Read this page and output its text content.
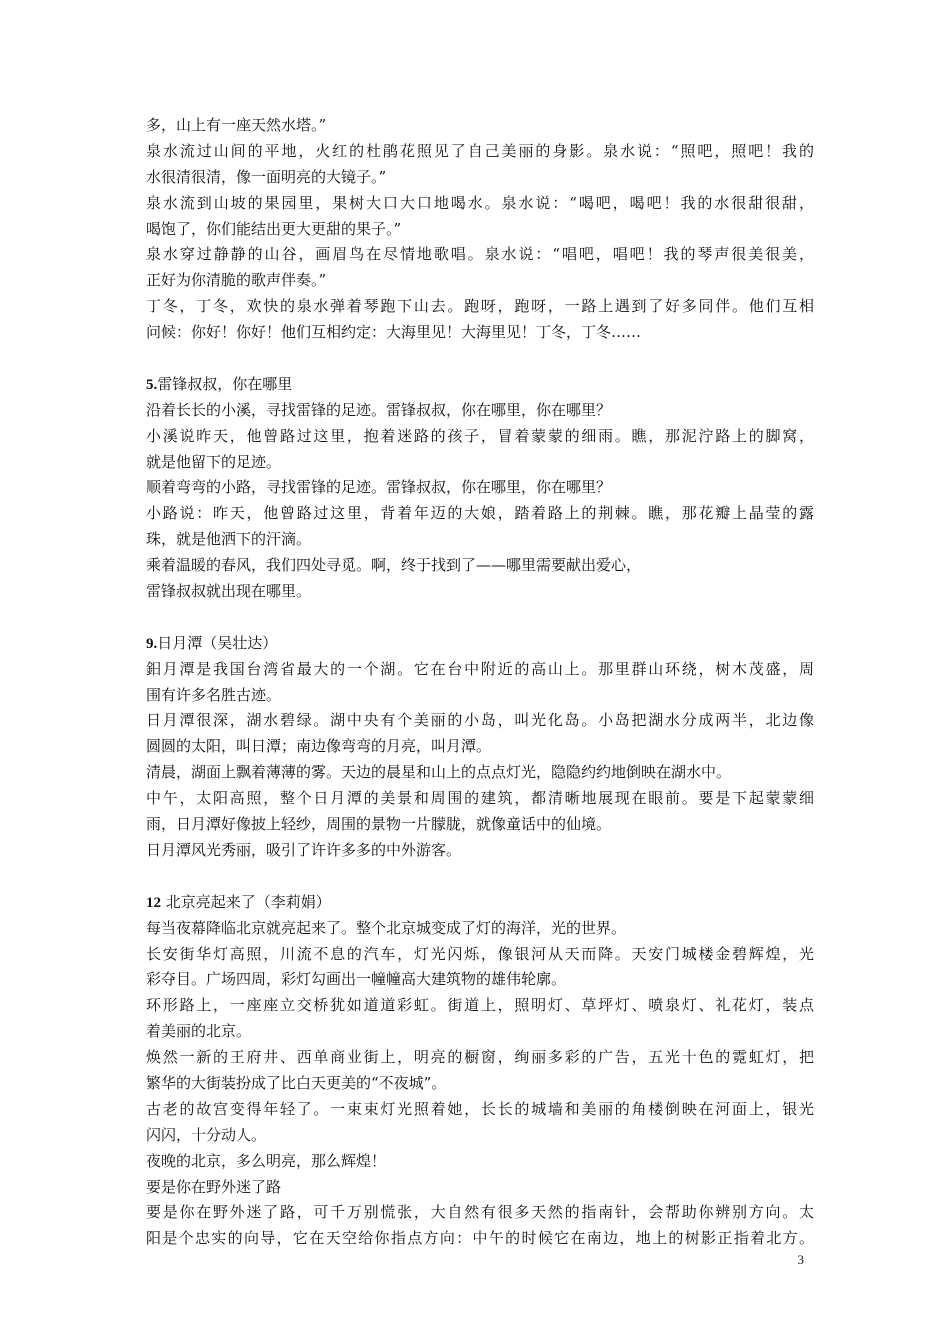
多，山上有一座天然水塔。”
泉水流过山间的平地，火红的杜鹃花照见了自己美丽的身影。泉水说：“照吧，照吧！我的
水很清很清，像一面明亮的大镜子。”
泉水流到山坡的果园里，果树大口大口地喝水。泉水说：“喝吧，喝吧！我的水很甜很甜，
喝饱了，你们能结出更大更甜的果子。”
泉水穿过静静的山谷，画眉鸟在尽情地歌唱。泉水说：“唱吧，唱吧！我的琴声很美很美，
正好为你清脆的歌声伴奏。”
丁冬，丁冬，欢快的泉水弹着琴跑下山去。跑呀，跑呀，一路上遇到了好多同伴。他们互相
问候：你好！你好！他们互相约定：大海里见！大海里见！丁冬，丁冬……
5.雷锋叔叔，你在哪里
沿着长长的小溪，寻找雷锋的足迹。雷锋叔叔，你在哪里，你在哪里？
小溪说昨天，他曾路过这里，抱着迷路的孩子，冒着蒙蒙的细雨。瞧，那泥泞路上的脚窝，
就是他留下的足迹。
顺着弯弯的小路，寻找雷锋的足迹。雷锋叔叔，你在哪里，你在哪里？
小路说：昨天，他曾路过这里，背着年迈的大娘，踏着路上的荆棘。瞧，那花瓣上晶莹的露
珠，就是他洒下的汗滴。
乘着温暖的春风，我们四处寻觅。啊，终于找到了——哪里需要献出爱心，
雷锋叔叔就出现在哪里。
9.日月潭（吴壮达）
鈤月潭是我国台湾省最大的一个湖。它在台中附近的高山上。那里群山环绕，树木茂盛，周
围有许多名胜古迹。
日月潭很深，湖水碧绿。湖中央有个美丽的小岛，叫光化岛。小岛把湖水分成两半，北边像
圆圆的太阳，叫日潭；南边像弯弯的月亮，叫月潭。
清晨，湖面上飘着薄薄的雾。天边的晨星和山上的点点灯光，隐隐约约地倒映在湖水中。
中午，太阳高照，整个日月潭的美景和周围的建筑，都清晰地展现在眼前。要是下起蒙蒙细
雨，日月潭好像披上轻纱，周围的景物一片朦胧，就像童话中的仙境。
日月潭风光秀丽，吸引了许许多多的中外游客。
12 北京亮起来了（李莉娟）
每当夜幕降临北京就亮起来了。整个北京城变成了灯的海洋，光的世界。
长安街华灯高照，川流不息的汽车，灯光闪烁，像银河从天而降。天安门城楼金碧辉煌，光
彩夺目。广场四周，彩灯勾画出一幢幢高大建筑物的雄伟轮廓。
环形路上，一座座立交桥犹如道道彩虹。街道上，照明灯、草坪灯、喷泉灯、礼花灯，装点
着美丽的北京。
焕然一新的王府井、西单商业街上，明亮的橱窗，绚丽多彩的广告，五光十色的霓虹灯，把
繁华的大街装扮成了比白天更美的“不夜城”。
古老的故宫变得年轻了。一束束灯光照着她，长长的城墙和美丽的角楼倒映在河面上，银光
闪闪，十分动人。
夜晚的北京，多么明亮，那么辉煌！
要是你在野外迷了路
要是你在野外迷了路，可千万别慌张，大自然有很多天然的指南针，会帮助你辨别方向。太
阳是个忠实的向导，它在天空给你指点方向：中午的时候它在南边，地上的树影正指着北方。
3
